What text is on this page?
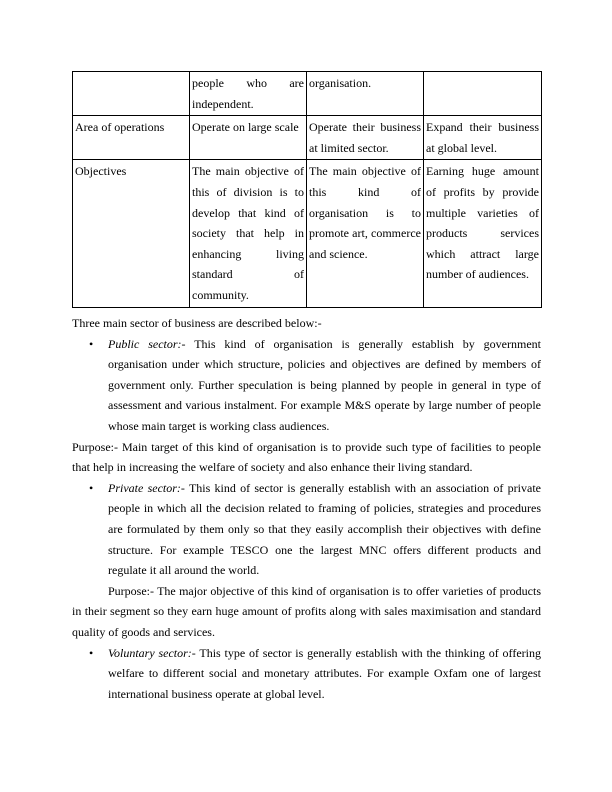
	people who are independent.	organisation.	
Area of operations	Operate on large scale	Operate their business at limited sector.	Expand their business at global level.
Objectives	The main objective of this of division is to develop that kind of society that help in enhancing living standard of community.	The main objective of this kind of organisation is to promote art, commerce and science.	Earning huge amount of profits by provide multiple varieties of products services which attract large number of audiences.

Three main sector of business are described below:-

• Public sector:- This kind of organisation is generally establish by government organisation under which structure, policies and objectives are defined by members of government only. Further speculation is being planned by people in general in type of assessment and various instalment. For example M&S operate by large number of people whose main target is working class audiences.

Purpose:- Main target of this kind of organisation is to provide such type of facilities to people that help in increasing the welfare of society and also enhance their living standard.

• Private sector:- This kind of sector is generally establish with an association of private people in which all the decision related to framing of policies, strategies and procedures are formulated by them only so that they easily accomplish their objectives with define structure. For example TESCO one the largest MNC offers different products and regulate it all around the world.

Purpose:- The major objective of this kind of organisation is to offer varieties of products in their segment so they earn huge amount of profits along with sales maximisation and standard quality of goods and services.

• Voluntary sector:- This type of sector is generally establish with the thinking of offering welfare to different social and monetary attributes. For example Oxfam one of largest international business operate at global level.
